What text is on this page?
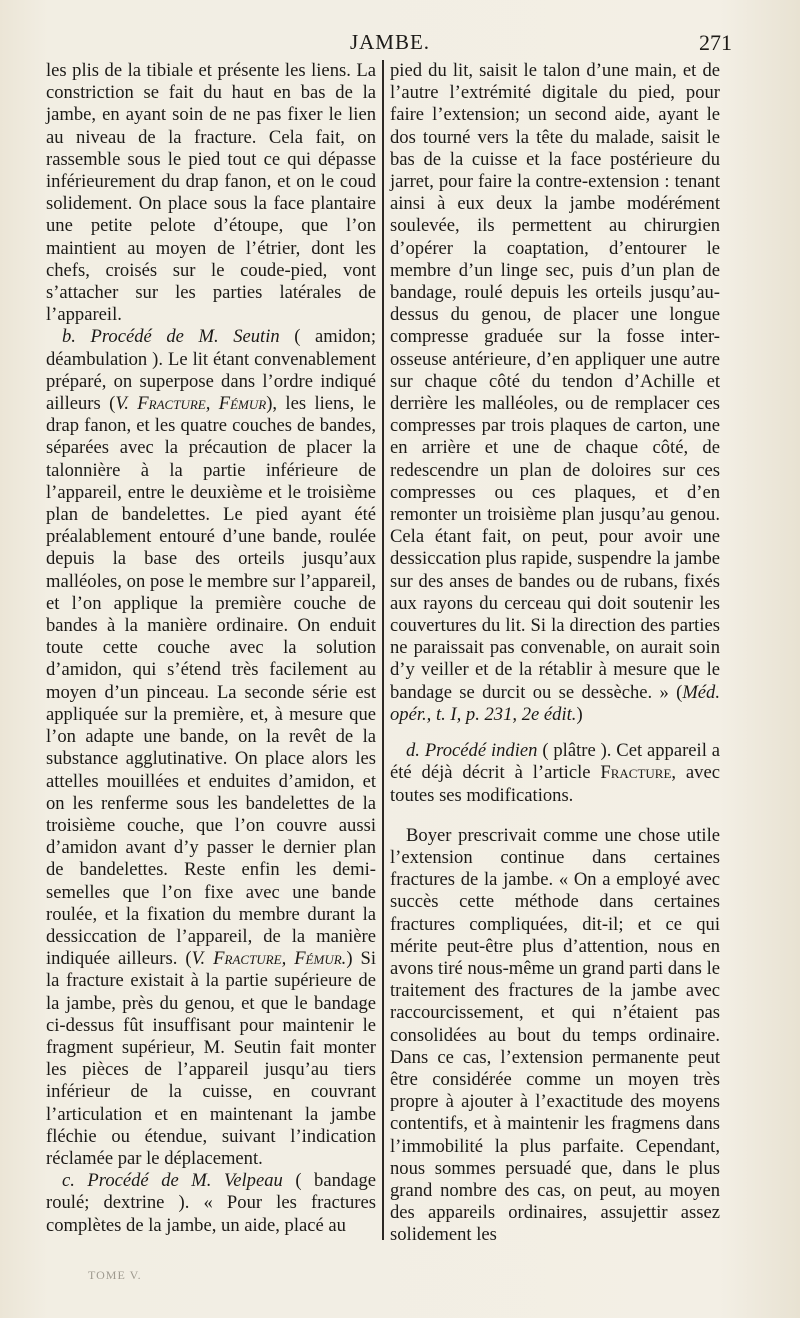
JAMBE.	271

les plis de la tibiale et présente les liens. La constriction se fait du haut en bas de la jambe, en ayant soin de ne pas fixer le lien au niveau de la fracture. Cela fait, on rassemble sous le pied tout ce qui dépasse inférieurement du drap fanon, et on le coud solidement. On place sous la face plantaire une petite pelote d’étoupe, que l’on maintient au moyen de l’étrier, dont les chefs, croisés sur le coude-pied, vont s’attacher sur les parties latérales de l’appareil.

b. Procédé de M. Seutin ( amidon; déambulation ). Le lit étant convenablement préparé, on superpose dans l’ordre indiqué ailleurs (V. Fracture, Fémur), les liens, le drap fanon, et les quatre couches de bandes, séparées avec la précaution de placer la talonnière à la partie inférieure de l’appareil, entre le deuxième et le troisième plan de bandelettes. Le pied ayant été préalablement entouré d’une bande, roulée depuis la base des orteils jusqu’aux malléoles, on pose le membre sur l’appareil, et l’on applique la première couche de bandes à la manière ordinaire. On enduit toute cette couche avec la solution d’amidon, qui s’étend très facilement au moyen d’un pinceau. La seconde série est appliquée sur la première, et, à mesure que l’on adapte une bande, on la revêt de la substance agglutinative. On place alors les attelles mouillées et enduites d’amidon, et on les renferme sous les bandelettes de la troisième couche, que l’on couvre aussi d’amidon avant d’y passer le dernier plan de bandelettes. Reste enfin les demi-semelles que l’on fixe avec une bande roulée, et la fixation du membre durant la dessiccation de l’appareil, de la manière indiquée ailleurs. (V. Fracture, Fémur.) Si la fracture existait à la partie supérieure de la jambe, près du genou, et que le bandage ci-dessus fût insuffisant pour maintenir le fragment supérieur, M. Seutin fait monter les pièces de l’appareil jusqu’au tiers inférieur de la cuisse, en couvrant l’articulation et en maintenant la jambe fléchie ou étendue, suivant l’indication réclamée par le déplacement.

c. Procédé de M. Velpeau ( bandage roulé; dextrine ). « Pour les fractures complètes de la jambe, un aide, placé au

pied du lit, saisit le talon d’une main, et de l’autre l’extrémité digitale du pied, pour faire l’extension; un second aide, ayant le dos tourné vers la tête du malade, saisit le bas de la cuisse et la face postérieure du jarret, pour faire la contre-extension : tenant ainsi à eux deux la jambe modérément soulevée, ils permettent au chirurgien d’opérer la coaptation, d’entourer le membre d’un linge sec, puis d’un plan de bandage, roulé depuis les orteils jusqu’au-dessus du genou, de placer une longue compresse graduée sur la fosse inter-osseuse antérieure, d’en appliquer une autre sur chaque côté du tendon d’Achille et derrière les malléoles, ou de remplacer ces compresses par trois plaques de carton, une en arrière et une de chaque côté, de redescendre un plan de doloires sur ces compresses ou ces plaques, et d’en remonter un troisième plan jusqu’au genou. Cela étant fait, on peut, pour avoir une dessiccation plus rapide, suspendre la jambe sur des anses de bandes ou de rubans, fixés aux rayons du cerceau qui doit soutenir les couvertures du lit. Si la direction des parties ne paraissait pas convenable, on aurait soin d’y veiller et de la rétablir à mesure que le bandage se durcit ou se dessèche. » (Méd. opér., t. I, p. 231, 2e édit.)

d. Procédé indien ( plâtre ). Cet appareil a été déjà décrit à l’article Fracture, avec toutes ses modifications.

Boyer prescrivait comme une chose utile l’extension continue dans certaines fractures de la jambe. « On a employé avec succès cette méthode dans certaines fractures compliquées, dit-il; et ce qui mérite peut-être plus d’attention, nous en avons tiré nous-même un grand parti dans le traitement des fractures de la jambe avec raccourcissement, et qui n’étaient pas consolidées au bout du temps ordinaire. Dans ce cas, l’extension permanente peut être considérée comme un moyen très propre à ajouter à l’exactitude des moyens contentifs, et à maintenir les fragmens dans l’immobilité la plus parfaite. Cependant, nous sommes persuadé que, dans le plus grand nombre des cas, on peut, au moyen des appareils ordinaires, assujettir assez solidement les

TOME V.
